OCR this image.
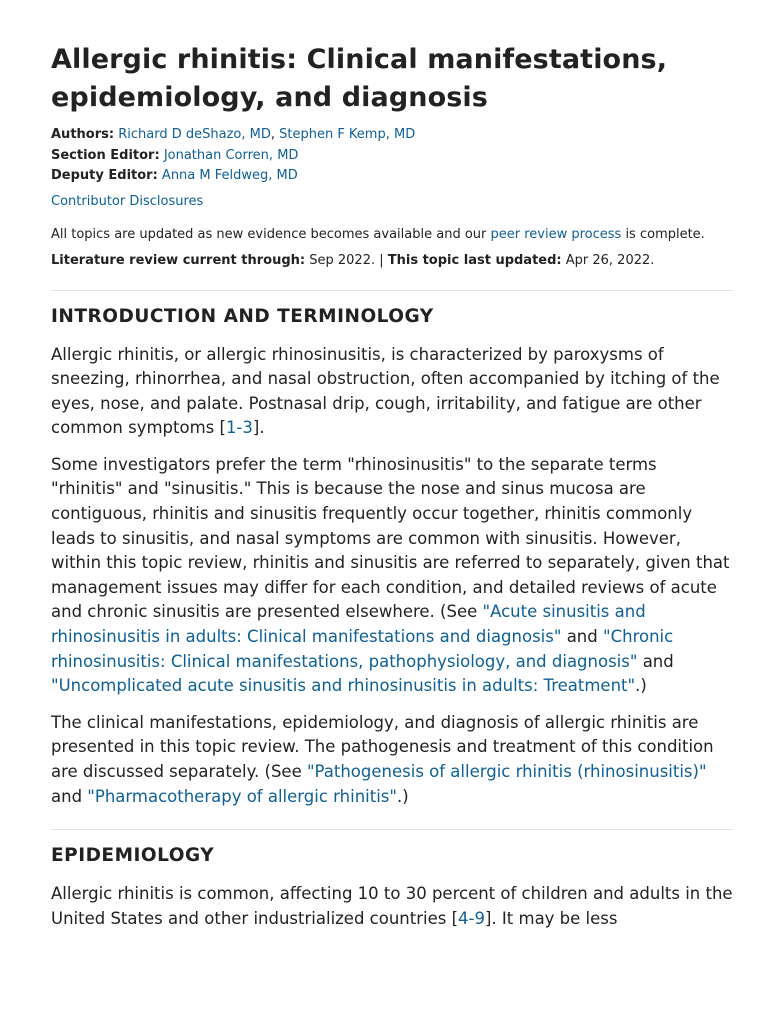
Allergic rhinitis: Clinical manifestations, epidemiology, and diagnosis
Authors: Richard D deShazo, MD, Stephen F Kemp, MD
Section Editor: Jonathan Corren, MD
Deputy Editor: Anna M Feldweg, MD
Contributor Disclosures
All topics are updated as new evidence becomes available and our peer review process is complete.
Literature review current through: Sep 2022. | This topic last updated: Apr 26, 2022.
INTRODUCTION AND TERMINOLOGY

Allergic rhinitis, or allergic rhinosinusitis, is characterized by paroxysms of sneezing, rhinorrhea, and nasal obstruction, often accompanied by itching of the eyes, nose, and palate. Postnasal drip, cough, irritability, and fatigue are other common symptoms [1-3].

Some investigators prefer the term "rhinosinusitis" to the separate terms "rhinitis" and "sinusitis." This is because the nose and sinus mucosa are contiguous, rhinitis and sinusitis frequently occur together, rhinitis commonly leads to sinusitis, and nasal symptoms are common with sinusitis. However, within this topic review, rhinitis and sinusitis are referred to separately, given that management issues may differ for each condition, and detailed reviews of acute and chronic sinusitis are presented elsewhere. (See "Acute sinusitis and rhinosinusitis in adults: Clinical manifestations and diagnosis" and "Chronic rhinosinusitis: Clinical manifestations, pathophysiology, and diagnosis" and "Uncomplicated acute sinusitis and rhinosinusitis in adults: Treatment".)

The clinical manifestations, epidemiology, and diagnosis of allergic rhinitis are presented in this topic review. The pathogenesis and treatment of this condition are discussed separately. (See "Pathogenesis of allergic rhinitis (rhinosinusitis)" and "Pharmacotherapy of allergic rhinitis".)

EPIDEMIOLOGY

Allergic rhinitis is common, affecting 10 to 30 percent of children and adults in the United States and other industrialized countries [4-9]. It may be less
